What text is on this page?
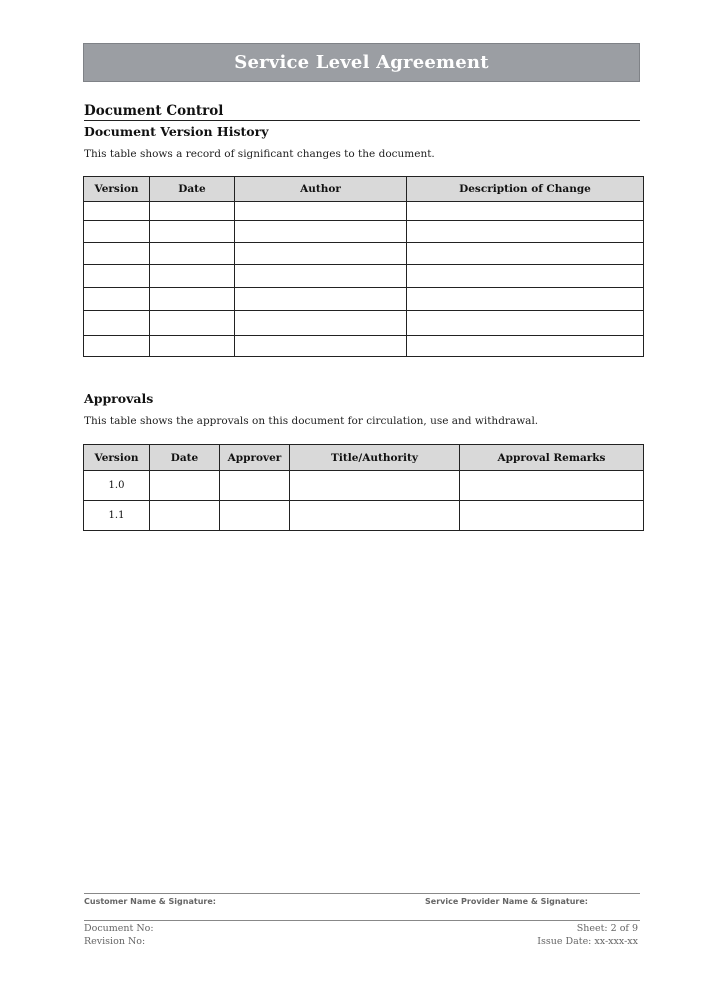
Service Level Agreement
Document Control
Document Version History
This table shows a record of significant changes to the document.
Version	Date	Author	Description of Change

Approvals
This table shows the approvals on this document for circulation, use and withdrawal.
Version	Date	Approver	Title/Authority	Approval Remarks
1.0				
1.1				
Customer Name & Signature:	Service Provider Name & Signature:
Document No:
Revision No:
Sheet: 2 of 9
Issue Date: xx-xxx-xx
